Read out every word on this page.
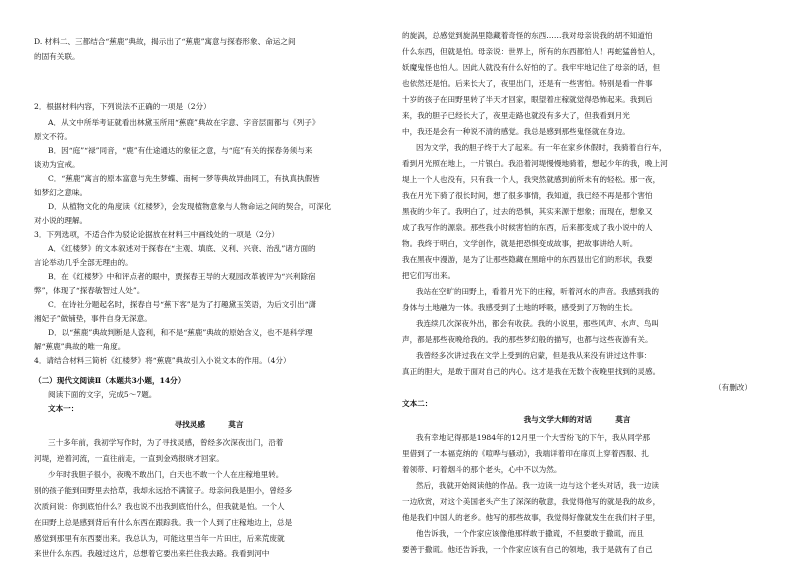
D. 材料二、三都结合“蕉鹿”典故，揭示出了“蕉鹿”寓意与探春形象、命运之间
的固有关联。
2．根据材料内容，下列说法不正确的一项是（2分）
A．从文中所举考证就看出林黛玉所用“蕉鹿”典故在字意、字音层面都与《列子》
原文不符。
B．因“庭”“禄”同音，“鹿”有仕途通达的象征之意，与“庭”有关的探春务须与来
谈劝为宜戒。
C．“蕉鹿”寓言的原本富意与先生梦蝶、南柯一梦等典故异曲同工，有执真执假皆
如梦幻之意味。
D．从植物文化的角度读《红楼梦》，会发现植物意象与人物命运之间的契合，可深化
对小说的理解。
3．下列选项，不适合作为驳论论据放在材料三中画线处的一项是（2分）
A．《红楼梦》的文本叙述对于探春在“主观、填底、义利、兴衰、治乱”诸方面的
言论举动几乎全部无理由的。
B．在《红楼梦》中和评点者的眼中，贾探春王导的大观园改革被评为“兴利除宿
弊”，体现了“探春敏智过人处”。
C．在诗社分题起名时，探春自号“蕉下客”是为了打趣黛玉笑语，为后文引出“潇
湘妃子”做铺垫，事件自身无深意。
D．以“蕉鹿”典故判断是人盗利，和不是“蕉鹿”典故的原始含义，也不是科学理
解“蕉鹿”典故的唯一角度。
4．请结合材料三简析《红楼梦》将“蕉鹿”典故引入小说文本的作用。（4分）
（二）现代文阅读Ⅱ（本题共3小题，14分）
阅读下面的文字，完成5～7题。
文本一：
寻找灵感	莫言
三十多年前，我初学写作时，为了寻找灵感，曾经多次深夜出门，沿着
河堤，逆着河流，一直往前走，一直到金鸡报晓才回家。
少年时我胆子很小，夜晚不敢出门，白天也不敢一个人在庄稼地里转。
别的孩子能到田野里去拾草，我却永远拾不满筐子。母亲问我是胆小，曾经多
次质问说：你到底怕什么？我也说不出我到底怕什么，但我就是怕。一个人
在田野上总是感到背后有什么东西在跟踪我。我一个人到了庄稼地边上，总是
感觉到那里有东西要出来。我总认为，可能这里当年一片田庄，后来荒废就
来世什么东西。我越过这片，总想着它要出来拦住我去路。我看到河中
的旋涡，总感觉到旋涡里隐藏着奇怪的东西……我对母亲说我的胡不知道怕
什么东西，但就是怕。母亲说：世界上，所有的东西都怕人！再蛇猛兽怕人，
妖魔鬼怪也怕人。因此人就没有什么好怕的了。我牢牢地记住了母亲的话，但
也依然还是怕。后来长大了，夜里出门，还是有一些害怕。特别是看一件事
十岁的孩子在田野里转了半天才回家，眼望着庄稼就觉得恐怖起来。我到后
来，我的胆子已经长大了，夜里走路也就没有多大了，但我看到月光
中，我还是会有一种说不清的感觉。我总是感到那些鬼怪就在身边。
因为文学，我的胆子终于大了起来。有一年在家乡休假时，我骑着自行车，
看到月光照在地上，一片银白。我沿着河堤慢慢地骑着，想起少年的我，晚上河
堤上一个人也没有，只有我一个人，我突然就感到前所未有的轻松。那一夜，
我在月光下骑了很长时间，想了很多事情，我知道，我已经不再是那个害怕
黑夜的少年了。我明白了，过去的恐惧，其实来源于想象；而现在，想象又
成了我写作的源泉。那些我小时候害怕的东西，后来都变成了我小说中的人
物。我终于明白，文学创作，就是把恐惧变成故事，把故事讲给人听。
我在黑夜中漫游，是为了让那些隐藏在黑暗中的东西显出它们的形状，我要
把它们写出来。
我站在空旷的田野上，看着月光下的庄稼，听着河水的声音。我感到我的
身体与土地融为一体。我感受到了土地的呼吸，感受到了万物的生长。
我连续几次深夜外出，都会有收获。我的小说里，那些风声、水声、鸟叫
声，都是那些夜晚给我的。我的那些梦幻般的描写，也都与这些夜游有关。
我曾经多次讲过我在文学上受到的启蒙，但是我从来没有讲过这件事：
真正的胆大，是敢于面对自己的内心。这才是我在无数个夜晚里找到的灵感。
（有删改）
文本二：
我与文学大师的对话	莫言
我有幸地记得那是1984年的12月里一个大雪纷飞的下午，我从同学那
里借到了一本福克纳的《喧哗与骚动》，我端详着印在扉页上穿着西服、扎
着领带、叼着烟斗的那个老头，心中不以为然。
然后，我就开始阅读他的作品。我一边读一边与这个老头对话，我一边读
一边欣赏，对这个美国老头产生了深深的敬意，我觉得他写的就是我的故乡，
他是我们中国人的老乡。他写的那些故事，我觉得好像就发生在我们村子里，
他告诉我，一个作家应该像他那样敢于撒谎，不但要敢于撒谎，而且
要善于撒谎。他还告诉我，一个作家应该有自己的领地，我于是就有了自己
